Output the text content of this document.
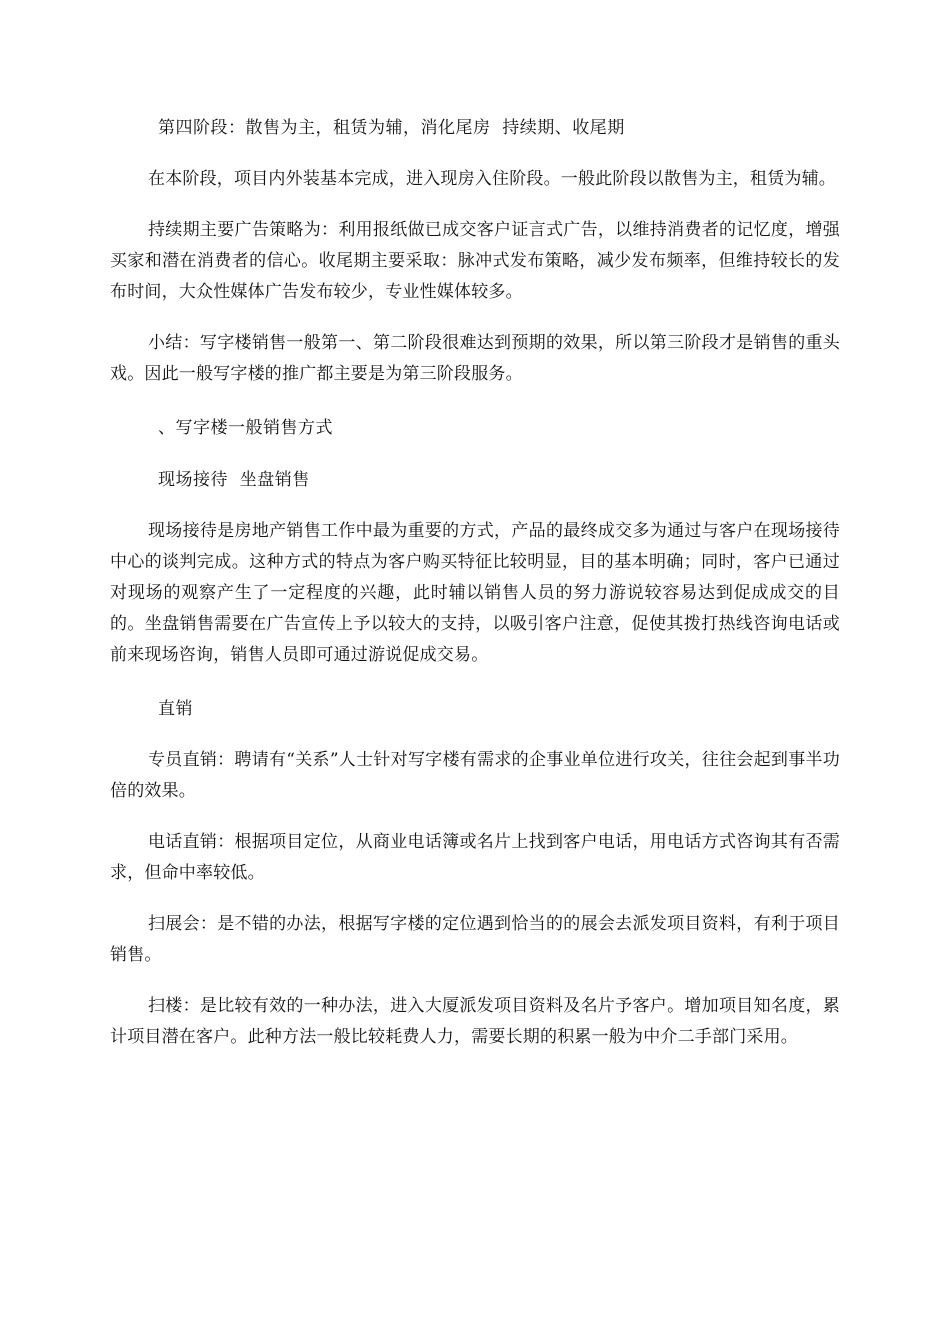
第四阶段：散售为主，租赁为辅，消化尾房  持续期、收尾期

在本阶段，项目内外装基本完成，进入现房入住阶段。一般此阶段以散售为主，租赁为辅。

持续期主要广告策略为：利用报纸做已成交客户证言式广告，以维持消费者的记忆度，增强买家和潜在消费者的信心。收尾期主要采取：脉冲式发布策略，减少发布频率，但维持较长的发布时间，大众性媒体广告发布较少，专业性媒体较多。

小结：写字楼销售一般第一、第二阶段很难达到预期的效果，所以第三阶段才是销售的重头戏。因此一般写字楼的推广都主要是为第三阶段服务。

、写字楼一般销售方式

现场接待  坐盘销售

现场接待是房地产销售工作中最为重要的方式，产品的最终成交多为通过与客户在现场接待中心的谈判完成。这种方式的特点为客户购买特征比较明显，目的基本明确；同时，客户已通过对现场的观察产生了一定程度的兴趣，此时辅以销售人员的努力游说较容易达到促成成交的目的。坐盘销售需要在广告宣传上予以较大的支持，以吸引客户注意，促使其拨打热线咨询电话或前来现场咨询，销售人员即可通过游说促成交易。

直销

专员直销：聘请有“关系”人士针对写字楼有需求的企事业单位进行攻关，往往会起到事半功倍的效果。

电话直销：根据项目定位，从商业电话簿或名片上找到客户电话，用电话方式咨询其有否需求，但命中率较低。

扫展会：是不错的办法，根据写字楼的定位遇到恰当的的展会去派发项目资料，有利于项目销售。

扫楼：是比较有效的一种办法，进入大厦派发项目资料及名片予客户。增加项目知名度，累计项目潜在客户。此种方法一般比较耗费人力，需要长期的积累一般为中介二手部门采用。
